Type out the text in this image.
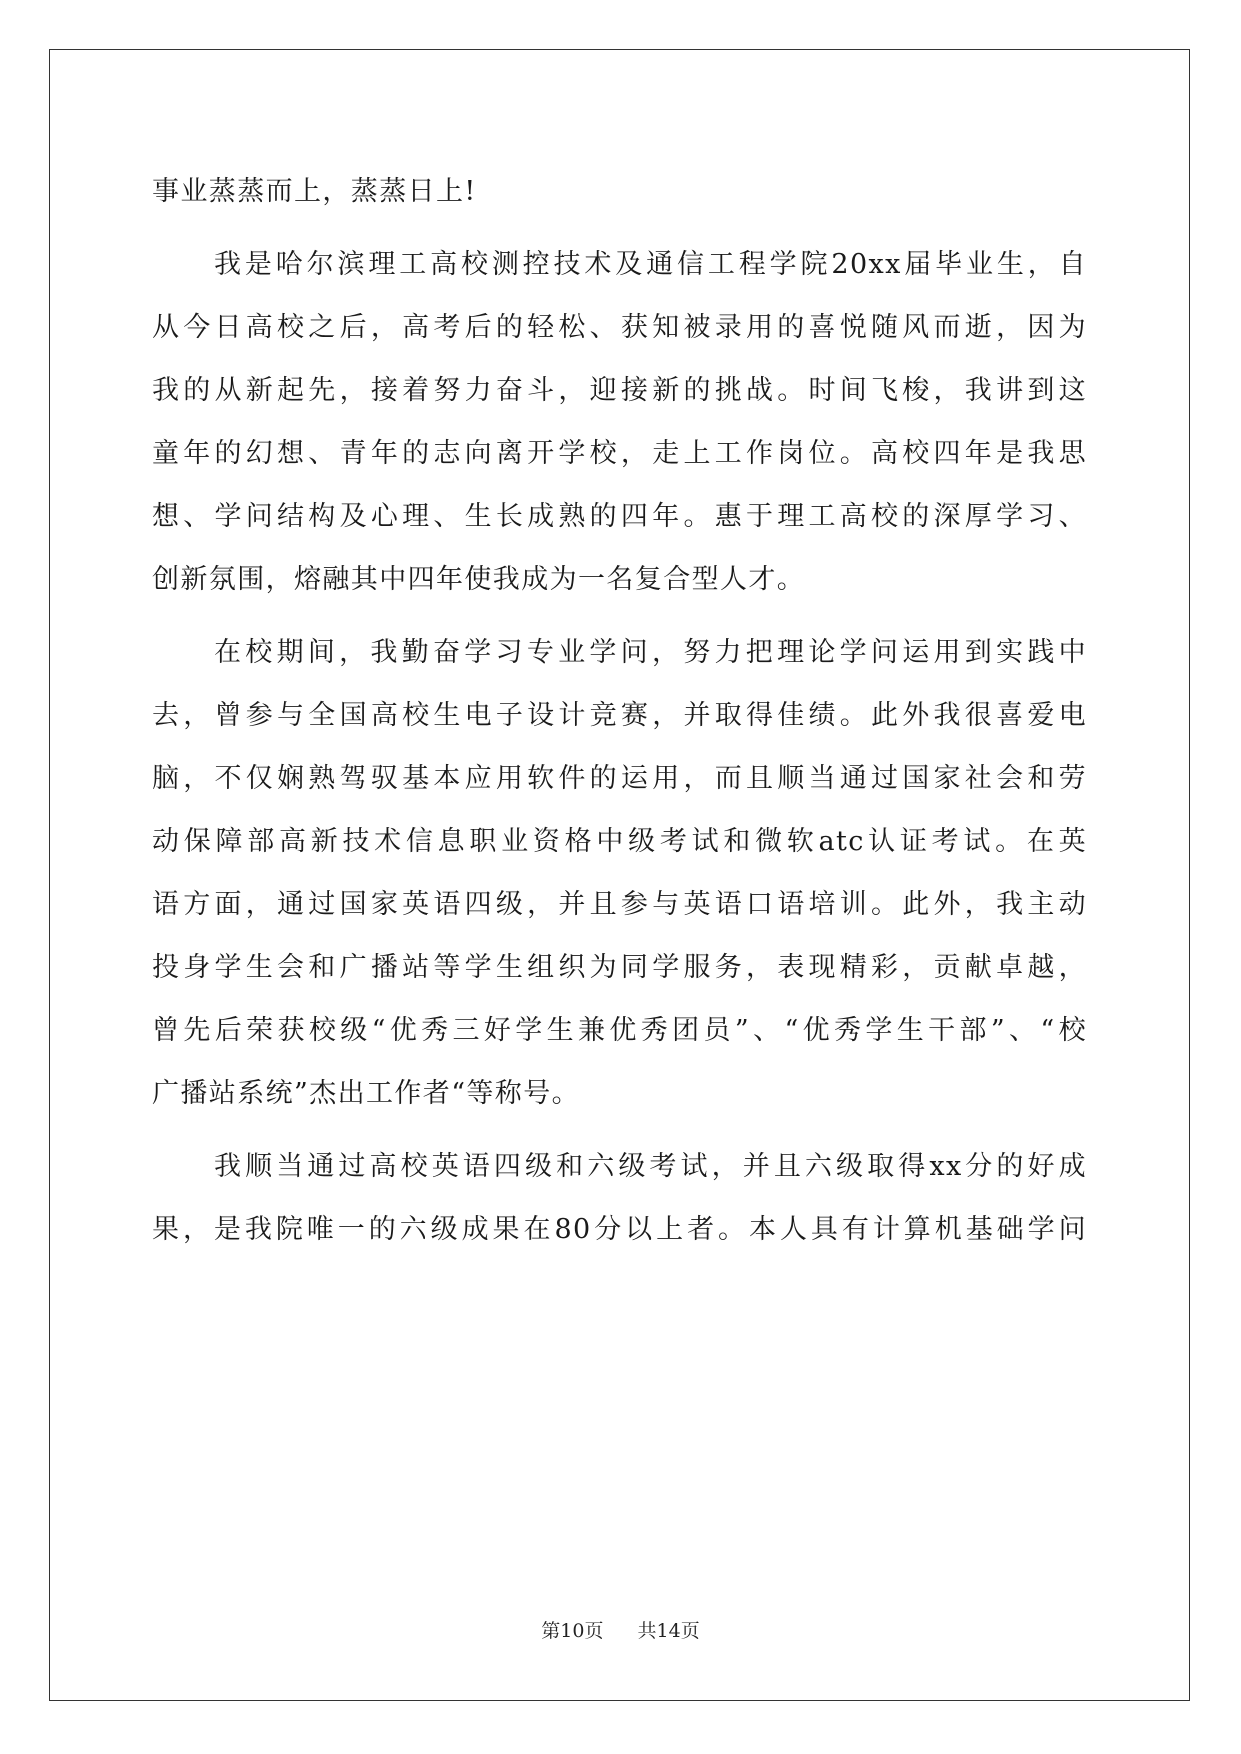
事业蒸蒸而上，蒸蒸日上!
我是哈尔滨理工高校测控技术及通信工程学院20xx届毕业生，自
从今日高校之后，高考后的轻松、获知被录用的喜悦随风而逝，因为
我的从新起先，接着努力奋斗，迎接新的挑战。时间飞梭，我讲到这
童年的幻想、青年的志向离开学校，走上工作岗位。高校四年是我思
想、学问结构及心理、生长成熟的四年。惠于理工高校的深厚学习、
创新氛围，熔融其中四年使我成为一名复合型人才。
在校期间，我勤奋学习专业学问，努力把理论学问运用到实践中
去，曾参与全国高校生电子设计竞赛，并取得佳绩。此外我很喜爱电
脑，不仅娴熟驾驭基本应用软件的运用，而且顺当通过国家社会和劳
动保障部高新技术信息职业资格中级考试和微软atc认证考试。在英
语方面，通过国家英语四级，并且参与英语口语培训。此外，我主动
投身学生会和广播站等学生组织为同学服务，表现精彩，贡献卓越，
曾先后荣获校级“优秀三好学生兼优秀团员”、“优秀学生干部”、“校
广播站系统”杰出工作者“等称号。
我顺当通过高校英语四级和六级考试，并且六级取得xx分的好成
果，是我院唯一的六级成果在80分以上者。本人具有计算机基础学问
第10页 共14页
